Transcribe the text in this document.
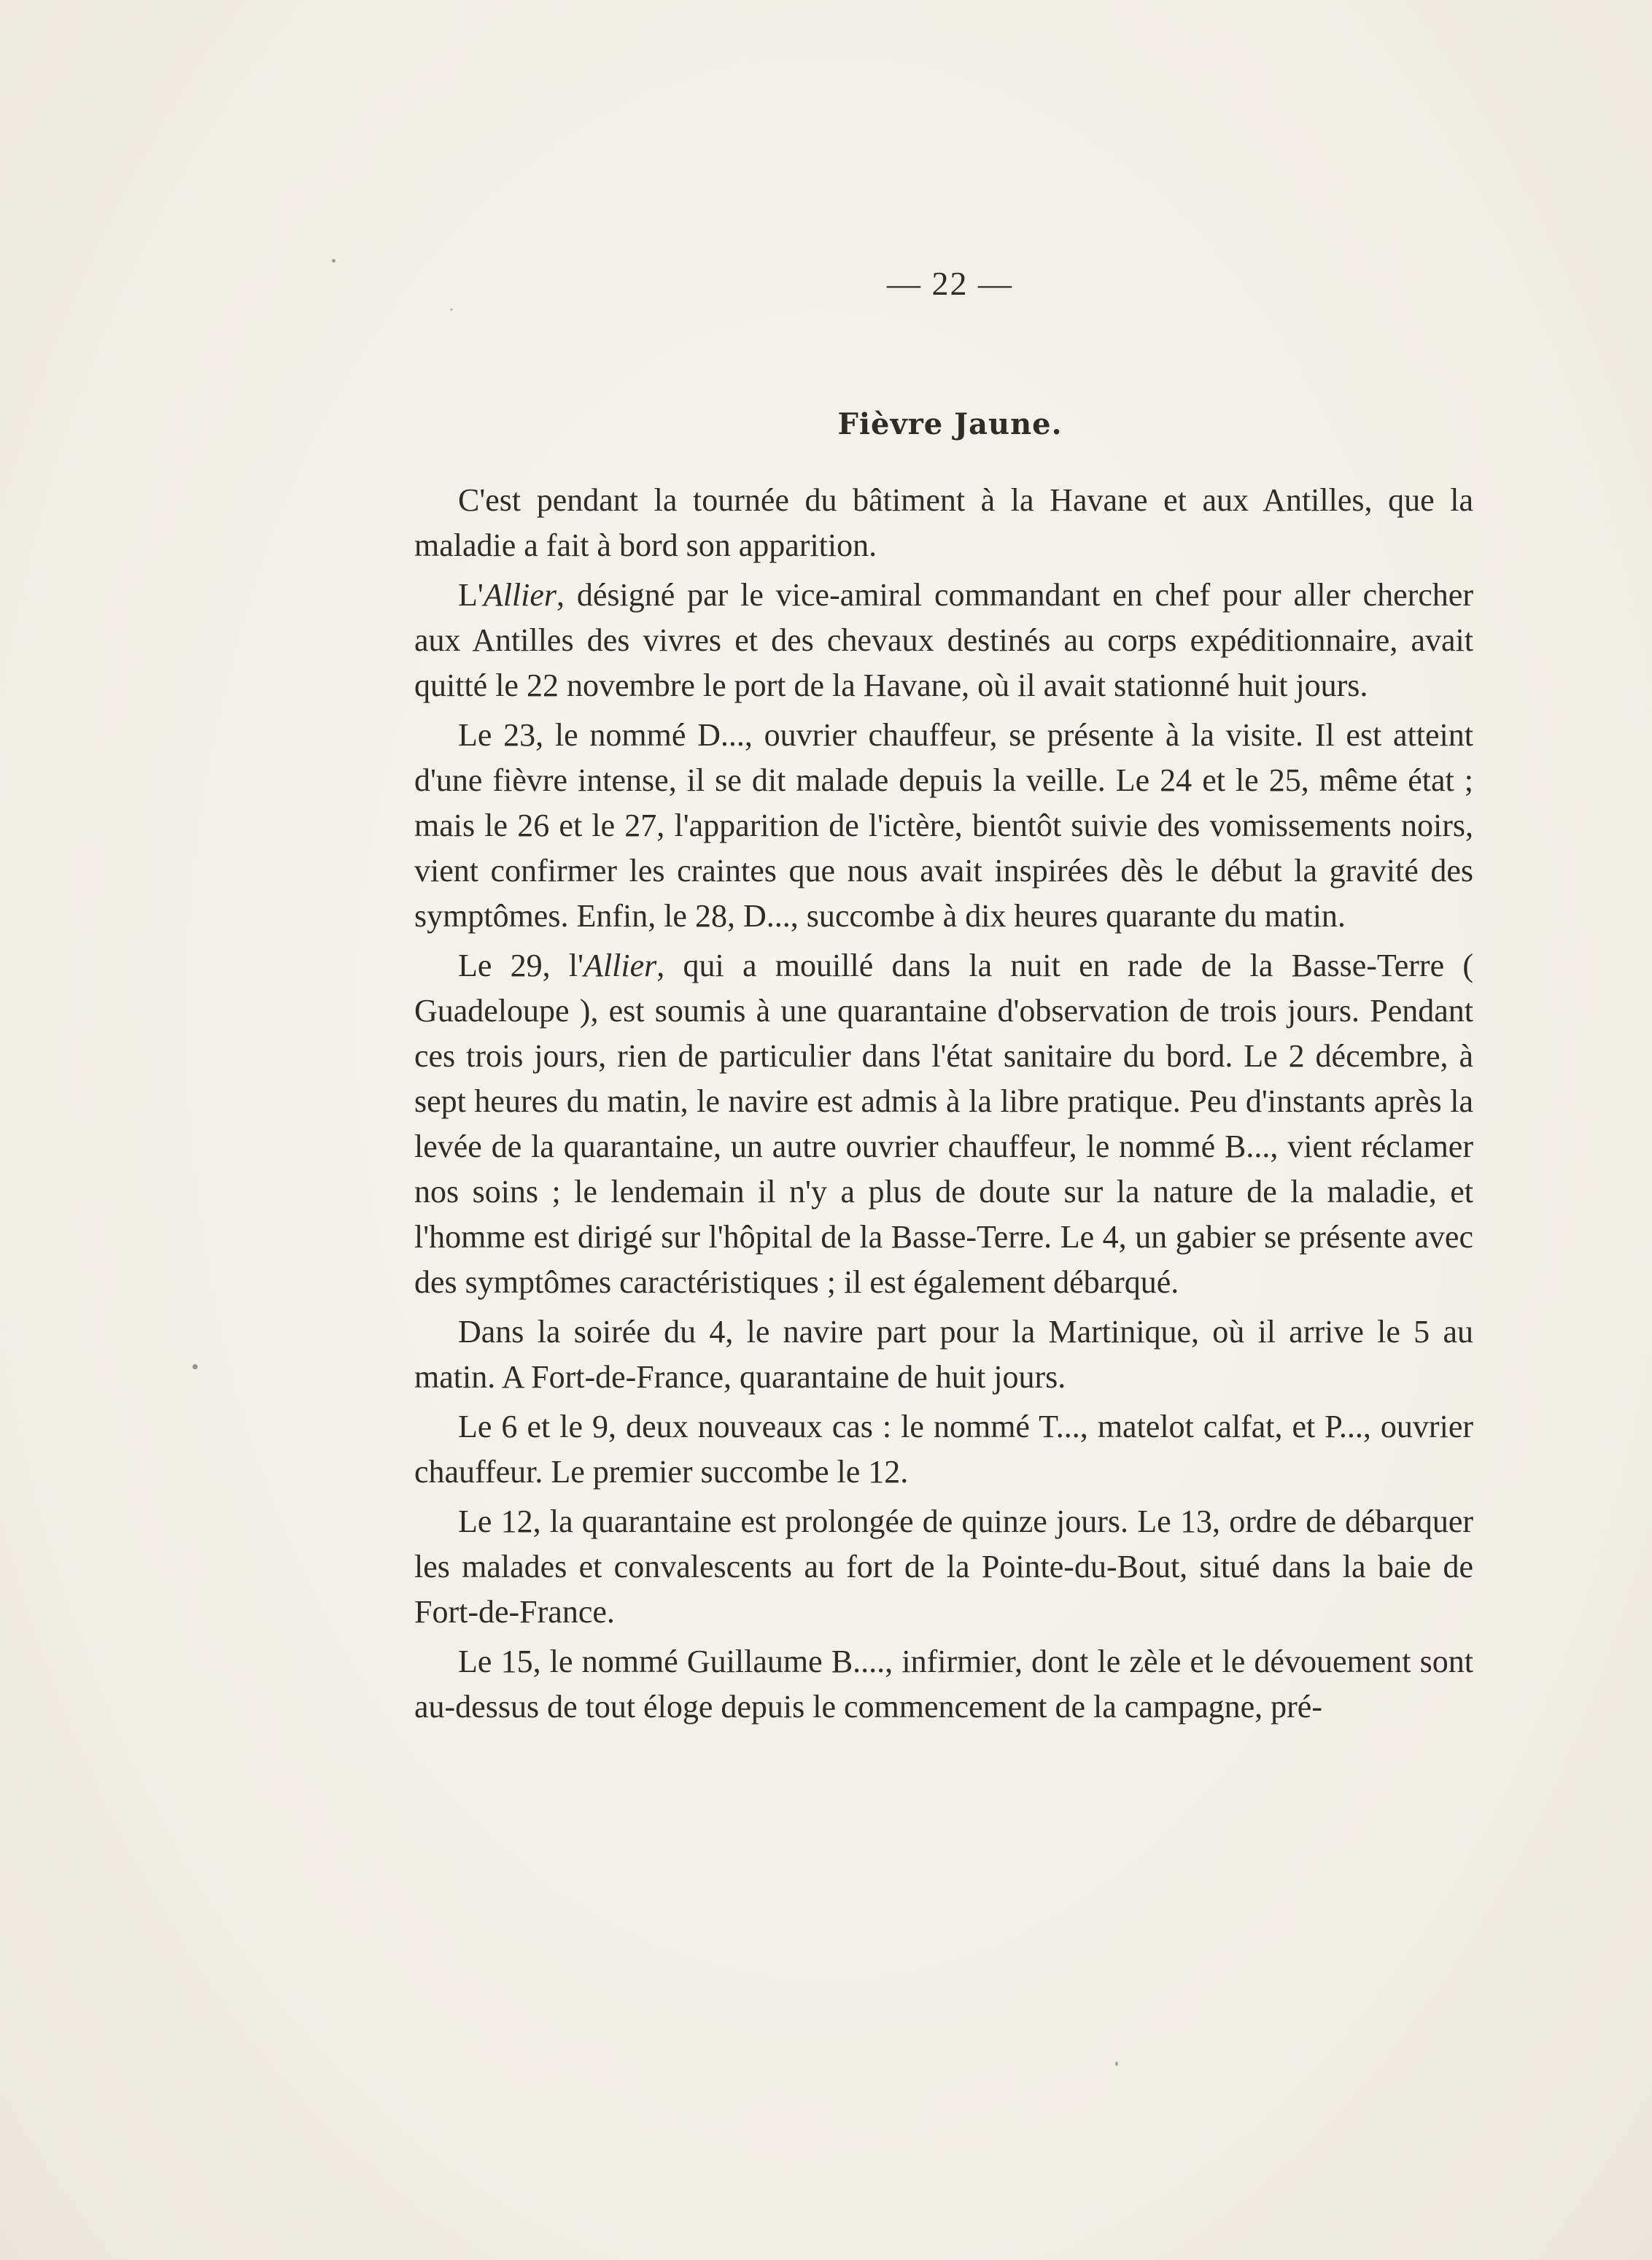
— 22 —
Fièvre Jaune.

C'est pendant la tournée du bâtiment à la Havane et aux Antilles, que la maladie a fait à bord son apparition.

L'Allier, désigné par le vice-amiral commandant en chef pour aller chercher aux Antilles des vivres et des chevaux destinés au corps expéditionnaire, avait quitté le 22 novembre le port de la Havane, où il avait stationné huit jours.

Le 23, le nommé D..., ouvrier chauffeur, se présente à la visite. Il est atteint d'une fièvre intense, il se dit malade depuis la veille. Le 24 et le 25, même état ; mais le 26 et le 27, l'apparition de l'ictère, bientôt suivie des vomissements noirs, vient confirmer les craintes que nous avait inspirées dès le début la gravité des symptômes. Enfin, le 28, D..., succombe à dix heures quarante du matin.

Le 29, l'Allier, qui a mouillé dans la nuit en rade de la Basse-Terre ( Guadeloupe ), est soumis à une quarantaine d'observation de trois jours. Pendant ces trois jours, rien de particulier dans l'état sanitaire du bord. Le 2 décembre, à sept heures du matin, le navire est admis à la libre pratique. Peu d'instants après la levée de la quarantaine, un autre ouvrier chauffeur, le nommé B..., vient réclamer nos soins ; le lendemain il n'y a plus de doute sur la nature de la maladie, et l'homme est dirigé sur l'hôpital de la Basse-Terre. Le 4, un gabier se présente avec des symptômes caractéristiques ; il est également débarqué.

Dans la soirée du 4, le navire part pour la Martinique, où il arrive le 5 au matin. A Fort-de-France, quarantaine de huit jours.

Le 6 et le 9, deux nouveaux cas : le nommé T..., matelot calfat, et P..., ouvrier chauffeur. Le premier succombe le 12.

Le 12, la quarantaine est prolongée de quinze jours. Le 13, ordre de débarquer les malades et convalescents au fort de la Pointe-du-Bout, situé dans la baie de Fort-de-France.

Le 15, le nommé Guillaume B...., infirmier, dont le zèle et le dévouement sont au-dessus de tout éloge depuis le commencement de la campagne, pré-
